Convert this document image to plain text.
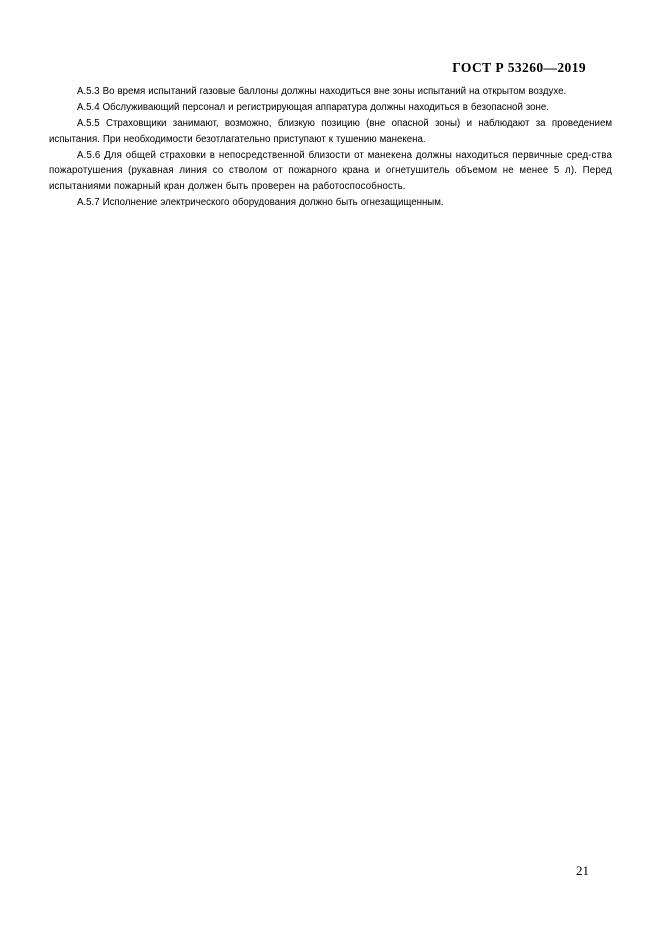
ГОСТ Р 53260—2019

А.5.3 Во время испытаний газовые баллоны должны находиться вне зоны испытаний на открытом воздухе.

А.5.4 Обслуживающий персонал и регистрирующая аппаратура должны находиться в безопасной зоне.

А.5.5 Страховщики занимают, возможно, близкую позицию (вне опасной зоны) и наблюдают за проведением испытания. При необходимости безотлагательно приступают к тушению манекена.

А.5.6 Для общей страховки в непосредственной близости от манекена должны находиться первичные сред-ства пожаротушения (рукавная линия со стволом от пожарного крана и огнетушитель объемом не менее 5 л). Перед испытаниями пожарный кран должен быть проверен на работоспособность.

А.5.7 Исполнение электрического оборудования должно быть огнезащищенным.

21
